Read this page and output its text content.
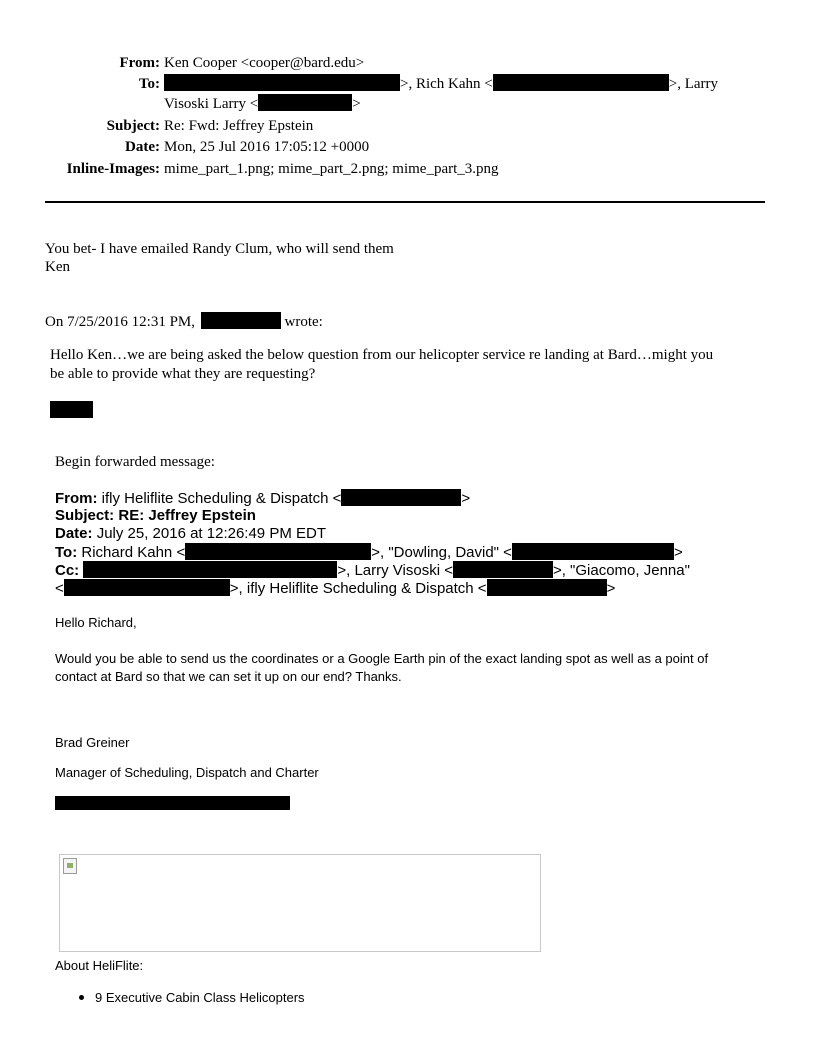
From: Ken Cooper <cooper@bard.edu>
To:	>, Rich Kahn <	>, Larry
Visoski Larry <	>
Subject: Re: Fwd: Jeffrey Epstein
Date: Mon, 25 Jul 2016 17:05:12 +0000
Inline-Images: mime_part_1.png; mime_part_2.png; mime_part_3.png
You bet- I have emailed Randy Clum, who will send them
Ken
On 7/25/2016 12:31 PM,	wrote:
Hello Ken…we are being asked the below question from our helicopter service re landing at Bard…might you
be able to provide what they are requesting?
Begin forwarded message:
From: ifly Heliflite Scheduling & Dispatch <	>
Subject: RE: Jeffrey Epstein
Date: July 25, 2016 at 12:26:49 PM EDT
To: Richard Kahn <	>, "Dowling, David" <	>
Cc:	>, Larry Visoski <	>, "Giacomo, Jenna"
<	>, ifly Heliflite Scheduling & Dispatch <	>
Hello Richard,
Would you be able to send us the coordinates or a Google Earth pin of the exact landing spot as well as a point of
contact at Bard so that we can set it up on our end? Thanks.
Brad Greiner
Manager of Scheduling, Dispatch and Charter
About HeliFlite:
9 Executive Cabin Class Helicopters
